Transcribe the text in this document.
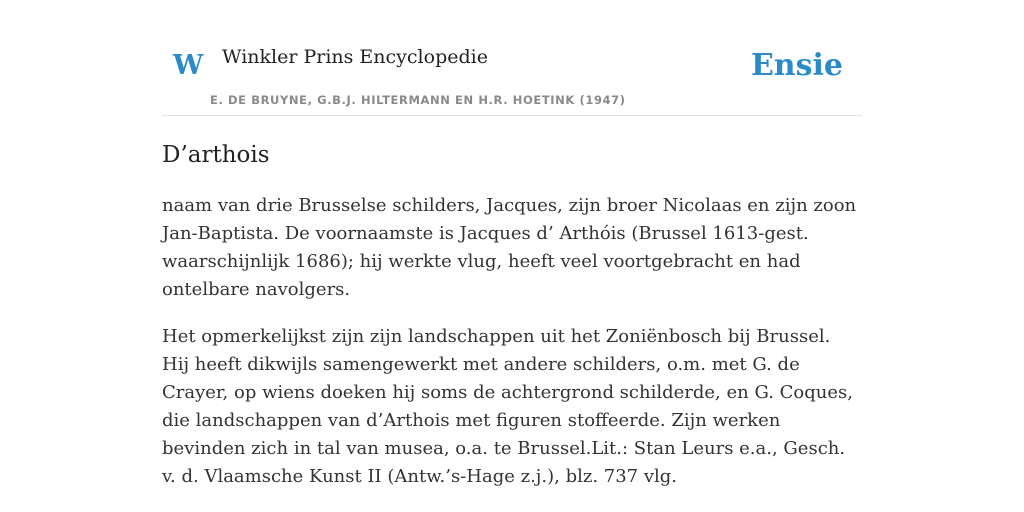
W Winkler Prins Encyclopedie
E. DE BRUYNE, G.B.J. HILTERMANN EN H.R. HOETINK (1947)
Ensie
D’arthois

naam van drie Brusselse schilders, Jacques, zijn broer Nicolaas en zijn zoon Jan-Baptista. De voornaamste is Jacques d’ Arthóis (Brussel 1613-gest. waarschijnlijk 1686); hij werkte vlug, heeft veel voortgebracht en had ontelbare navolgers.

Het opmerkelijkst zijn zijn landschappen uit het Zoniënbosch bij Brussel. Hij heeft dikwijls samengewerkt met andere schilders, o.m. met G. de Crayer, op wiens doeken hij soms de achtergrond schilderde, en G. Coques, die landschappen van d’Arthois met figuren stoffeerde. Zijn werken bevinden zich in tal van musea, o.a. te Brussel.Lit.: Stan Leurs e.a., Gesch. v. d. Vlaamsche Kunst II (Antw.’s-Hage z.j.), blz. 737 vlg.
